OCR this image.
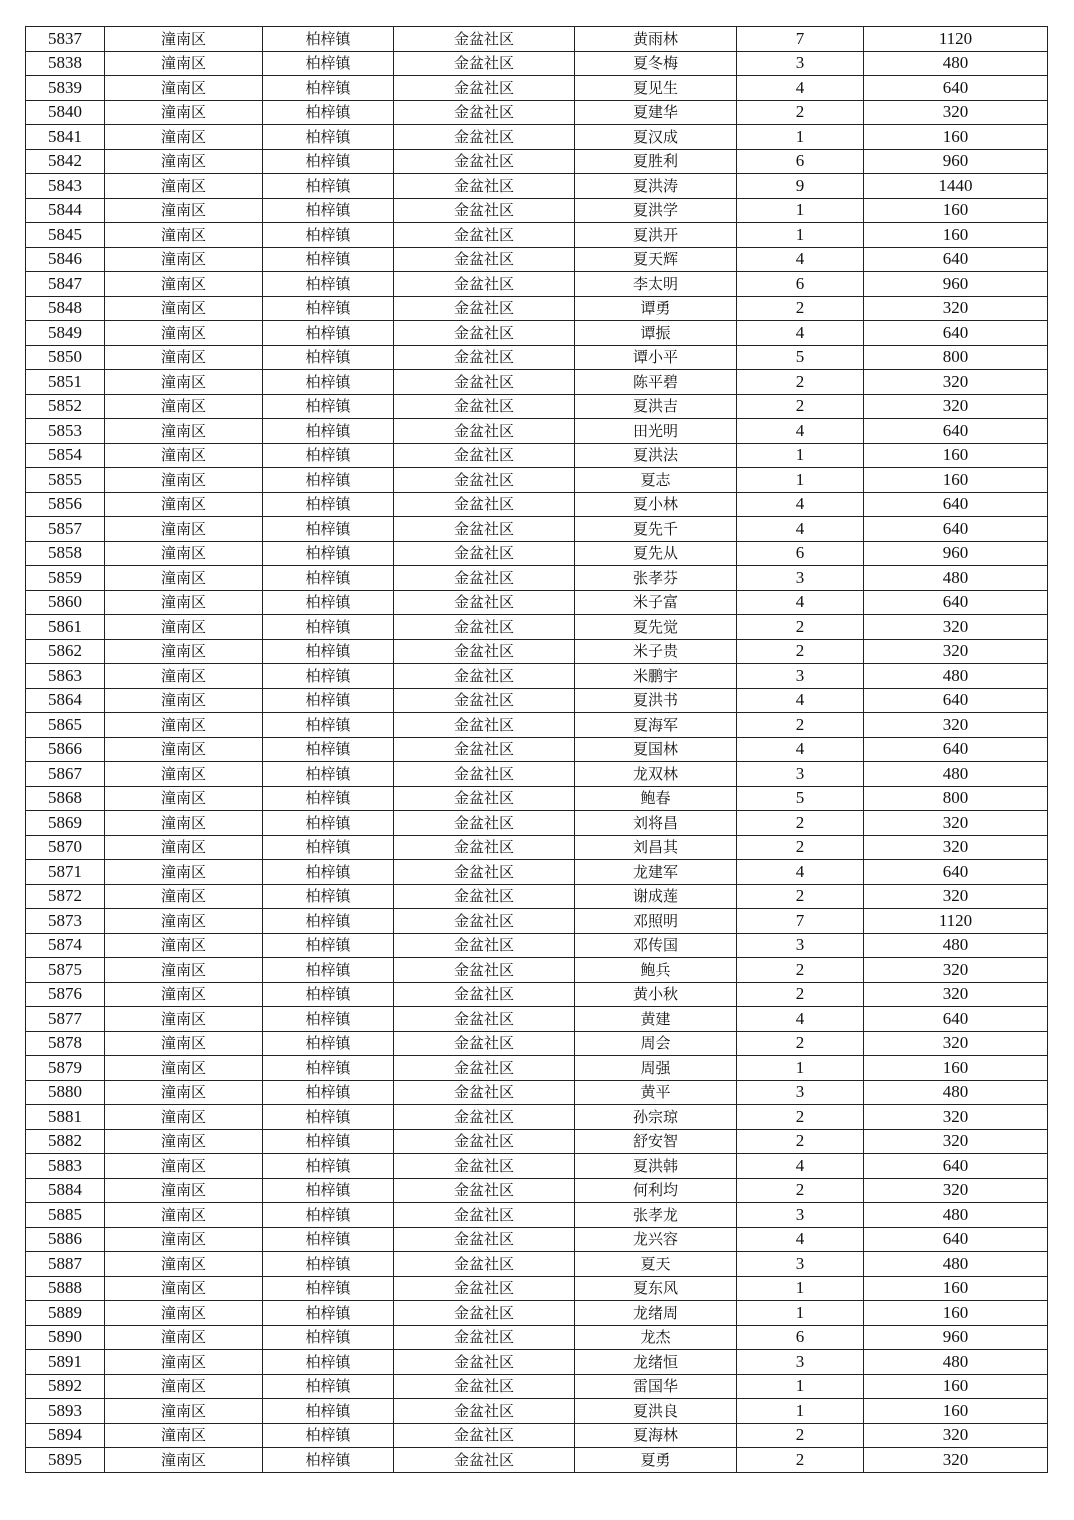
5837	潼南区	柏梓镇	金盆社区	黄雨林	7	1120
5838	潼南区	柏梓镇	金盆社区	夏冬梅	3	480
5839	潼南区	柏梓镇	金盆社区	夏见生	4	640
5840	潼南区	柏梓镇	金盆社区	夏建华	2	320
5841	潼南区	柏梓镇	金盆社区	夏汉成	1	160
5842	潼南区	柏梓镇	金盆社区	夏胜利	6	960
5843	潼南区	柏梓镇	金盆社区	夏洪涛	9	1440
5844	潼南区	柏梓镇	金盆社区	夏洪学	1	160
5845	潼南区	柏梓镇	金盆社区	夏洪开	1	160
5846	潼南区	柏梓镇	金盆社区	夏天辉	4	640
5847	潼南区	柏梓镇	金盆社区	李太明	6	960
5848	潼南区	柏梓镇	金盆社区	谭勇	2	320
5849	潼南区	柏梓镇	金盆社区	谭振	4	640
5850	潼南区	柏梓镇	金盆社区	谭小平	5	800
5851	潼南区	柏梓镇	金盆社区	陈平碧	2	320
5852	潼南区	柏梓镇	金盆社区	夏洪吉	2	320
5853	潼南区	柏梓镇	金盆社区	田光明	4	640
5854	潼南区	柏梓镇	金盆社区	夏洪法	1	160
5855	潼南区	柏梓镇	金盆社区	夏志	1	160
5856	潼南区	柏梓镇	金盆社区	夏小林	4	640
5857	潼南区	柏梓镇	金盆社区	夏先千	4	640
5858	潼南区	柏梓镇	金盆社区	夏先从	6	960
5859	潼南区	柏梓镇	金盆社区	张孝芬	3	480
5860	潼南区	柏梓镇	金盆社区	米子富	4	640
5861	潼南区	柏梓镇	金盆社区	夏先觉	2	320
5862	潼南区	柏梓镇	金盆社区	米子贵	2	320
5863	潼南区	柏梓镇	金盆社区	米鹏宇	3	480
5864	潼南区	柏梓镇	金盆社区	夏洪书	4	640
5865	潼南区	柏梓镇	金盆社区	夏海军	2	320
5866	潼南区	柏梓镇	金盆社区	夏国林	4	640
5867	潼南区	柏梓镇	金盆社区	龙双林	3	480
5868	潼南区	柏梓镇	金盆社区	鲍春	5	800
5869	潼南区	柏梓镇	金盆社区	刘将昌	2	320
5870	潼南区	柏梓镇	金盆社区	刘昌其	2	320
5871	潼南区	柏梓镇	金盆社区	龙建军	4	640
5872	潼南区	柏梓镇	金盆社区	谢成莲	2	320
5873	潼南区	柏梓镇	金盆社区	邓照明	7	1120
5874	潼南区	柏梓镇	金盆社区	邓传国	3	480
5875	潼南区	柏梓镇	金盆社区	鲍兵	2	320
5876	潼南区	柏梓镇	金盆社区	黄小秋	2	320
5877	潼南区	柏梓镇	金盆社区	黄建	4	640
5878	潼南区	柏梓镇	金盆社区	周会	2	320
5879	潼南区	柏梓镇	金盆社区	周强	1	160
5880	潼南区	柏梓镇	金盆社区	黄平	3	480
5881	潼南区	柏梓镇	金盆社区	孙宗琼	2	320
5882	潼南区	柏梓镇	金盆社区	舒安智	2	320
5883	潼南区	柏梓镇	金盆社区	夏洪韩	4	640
5884	潼南区	柏梓镇	金盆社区	何利均	2	320
5885	潼南区	柏梓镇	金盆社区	张孝龙	3	480
5886	潼南区	柏梓镇	金盆社区	龙兴容	4	640
5887	潼南区	柏梓镇	金盆社区	夏天	3	480
5888	潼南区	柏梓镇	金盆社区	夏东风	1	160
5889	潼南区	柏梓镇	金盆社区	龙绪周	1	160
5890	潼南区	柏梓镇	金盆社区	龙杰	6	960
5891	潼南区	柏梓镇	金盆社区	龙绪恒	3	480
5892	潼南区	柏梓镇	金盆社区	雷国华	1	160
5893	潼南区	柏梓镇	金盆社区	夏洪良	1	160
5894	潼南区	柏梓镇	金盆社区	夏海林	2	320
5895	潼南区	柏梓镇	金盆社区	夏勇	2	320
